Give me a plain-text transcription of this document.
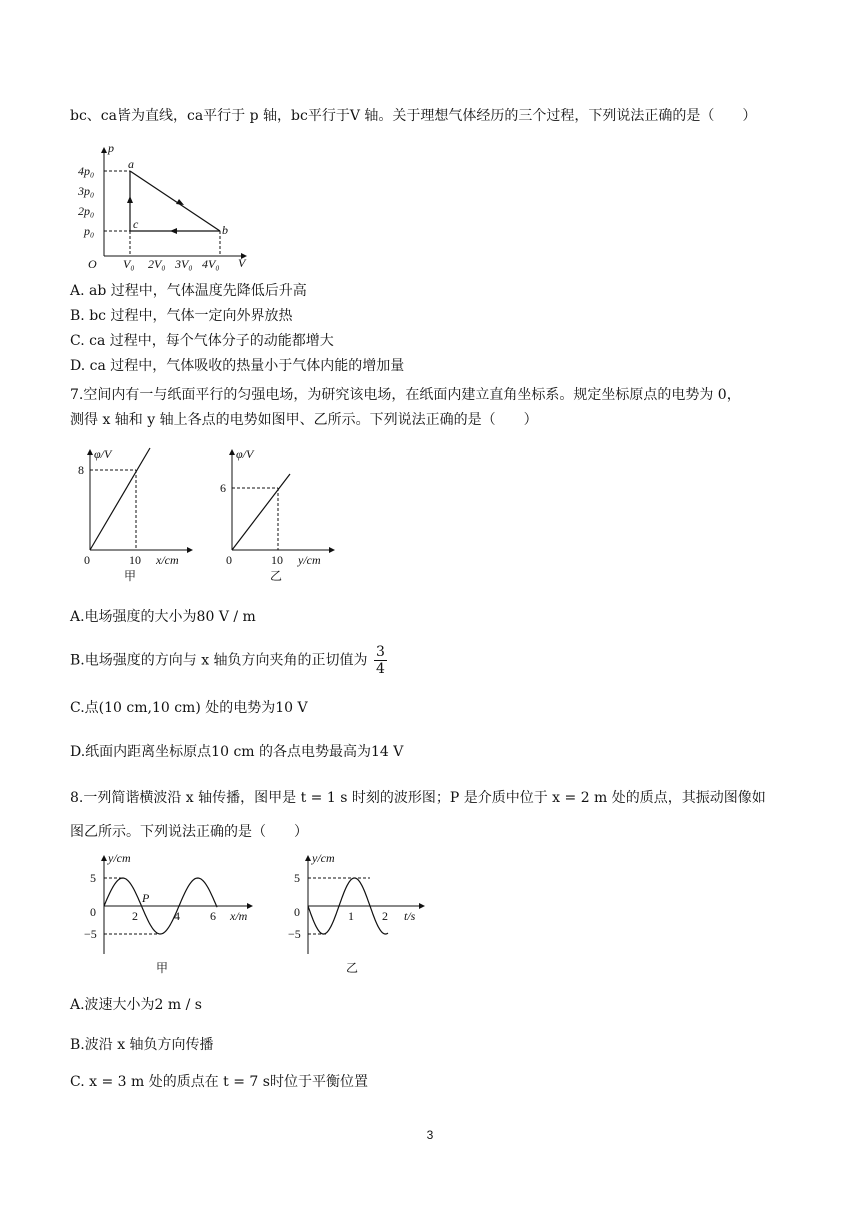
bc、ca皆为直线，ca平行于 p 轴，bc平行于V 轴。关于理想气体经历的三个过程，下列说法正确的是（　　）
p
V
O
4p₀
3p₀
2p₀
p₀
V₀ 2V₀ 3V₀ 4V₀
a
b
c
A. ab 过程中，气体温度先降低后升高
B. bc 过程中，气体一定向外界放热
C. ca 过程中，每个气体分子的动能都增大
D. ca 过程中，气体吸收的热量小于气体内能的增加量
7.空间内有一与纸面平行的匀强电场，为研究该电场，在纸面内建立直角坐标系。规定坐标原点的电势为 0，
测得 x 轴和 y 轴上各点的电势如图甲、乙所示。下列说法正确的是（　　）
φ/V
8
0	10 x/cm
甲
φ/V
6
0	10 y/cm
乙
A.电场强度的大小为80 V / m
B.电场强度的方向与 x 轴负方向夹角的正切值为 $\frac{3}{4}$
C.点(10 cm,10 cm) 处的电势为10 V
D.纸面内距离坐标原点10 cm 的各点电势最高为14 V
8.一列简谐横波沿 x 轴传播，图甲是 t = 1 s 时刻的波形图；P 是介质中位于 x = 2 m 处的质点，其振动图像如
图乙所示。下列说法正确的是（　　）
y/cm
5
0
−5
2	4	6 x/m
P
甲
y/cm
5
0
−5
1 2 t/s
乙
A.波速大小为2 m / s
B.波沿 x 轴负方向传播
C. x = 3 m 处的质点在 t = 7 s时位于平衡位置
3
